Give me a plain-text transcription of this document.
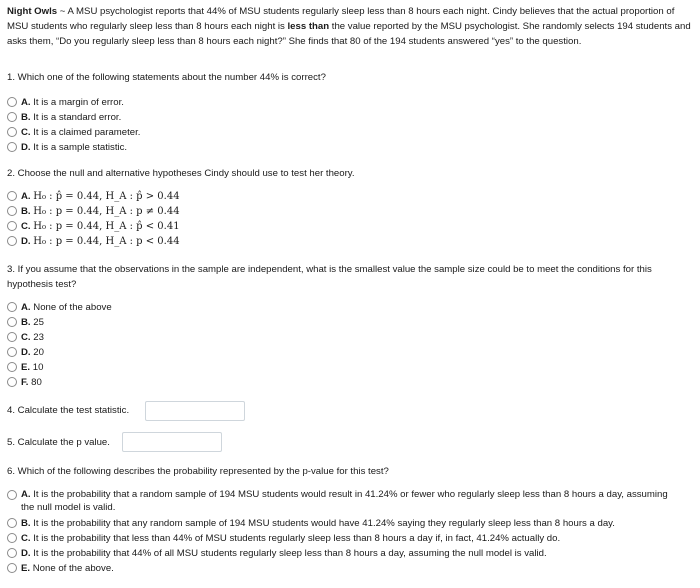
Night Owls ~ A MSU psychologist reports that 44% of MSU students regularly sleep less than 8 hours each night. Cindy believes that the actual proportion of MSU students who regularly sleep less than 8 hours each night is less than the value reported by the MSU psychologist. She randomly selects 194 students and asks them, “Do you regularly sleep less than 8 hours each night?” She finds that 80 of the 194 students answered “yes” to the question.
1. Which one of the following statements about the number 44% is correct?
A. It is a margin of error.
B. It is a standard error.
C. It is a claimed parameter.
D. It is a sample statistic.
2. Choose the null and alternative hypotheses Cindy should use to test her theory.
A. H₀ : p̂ = 0.44, H_A : p̂ > 0.44
B. H₀ : p = 0.44, H_A : p ≠ 0.44
C. H₀ : p = 0.44, H_A : p̂ < 0.41
D. H₀ : p = 0.44, H_A : p < 0.44
3. If you assume that the observations in the sample are independent, what is the smallest value the sample size could be to meet the conditions for this hypothesis test?
A. None of the above
B. 25
C. 23
D. 20
E. 10
F. 80
4. Calculate the test statistic.
5. Calculate the p value.
6. Which of the following describes the probability represented by the p-value for this test?
A. It is the probability that a random sample of 194 MSU students would result in 41.24% or fewer who regularly sleep less than 8 hours a day, assuming the null model is valid.
B. It is the probability that any random sample of 194 MSU students would have 41.24% saying they regularly sleep less than 8 hours a day.
C. It is the probability that less than 44% of MSU students regularly sleep less than 8 hours a day if, in fact, 41.24% actually do.
D. It is the probability that 44% of all MSU students regularly sleep less than 8 hours a day, assuming the null model is valid.
E. None of the above.
